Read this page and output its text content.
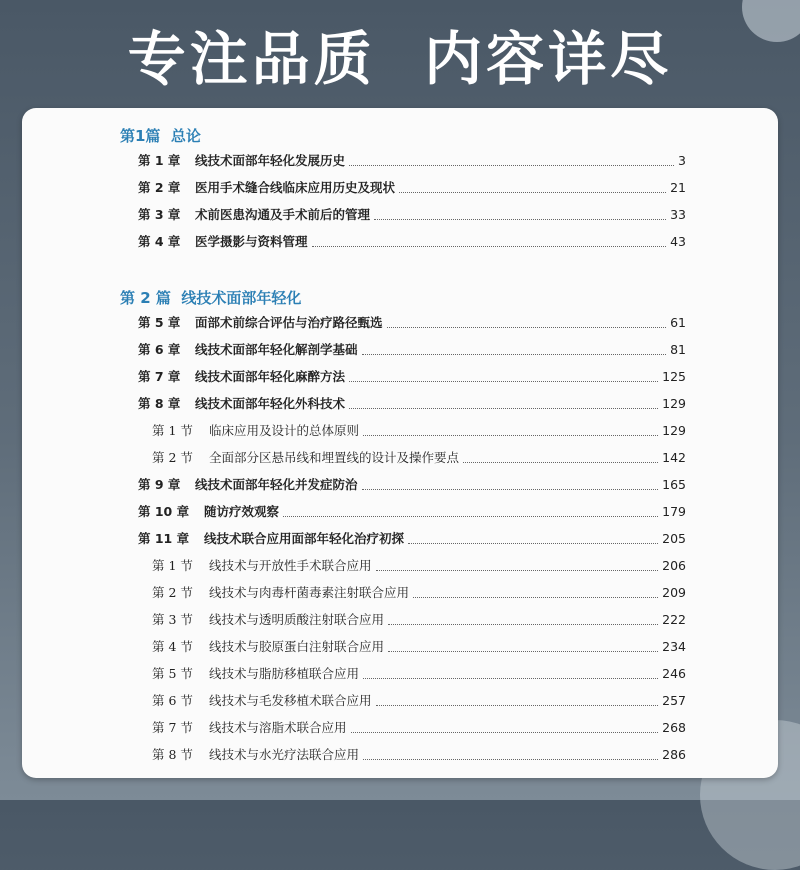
专注品质  内容详尽
第1篇  总论
第 1 章	线技术面部年轻化发展历史	3
第 2 章	医用手术缝合线临床应用历史及现状	21
第 3 章	术前医患沟通及手术前后的管理	33
第 4 章	医学摄影与资料管理	43
第 2 篇  线技术面部年轻化
第 5 章	面部术前综合评估与治疗路径甄选	61
第 6 章	线技术面部年轻化解剖学基础	81
第 7 章	线技术面部年轻化麻醉方法	125
第 8 章	线技术面部年轻化外科技术	129
第 1 节	临床应用及设计的总体原则	129
第 2 节	全面部分区悬吊线和埋置线的设计及操作要点	142
第 9 章	线技术面部年轻化并发症防治	165
第 10 章	随访疗效观察	179
第 11 章	线技术联合应用面部年轻化治疗初探	205
第 1 节	线技术与开放性手术联合应用	206
第 2 节	线技术与肉毒杆菌毒素注射联合应用	209
第 3 节	线技术与透明质酸注射联合应用	222
第 4 节	线技术与胶原蛋白注射联合应用	234
第 5 节	线技术与脂肪移植联合应用	246
第 6 节	线技术与毛发移植术联合应用	257
第 7 节	线技术与溶脂术联合应用	268
第 8 节	线技术与水光疗法联合应用	286
